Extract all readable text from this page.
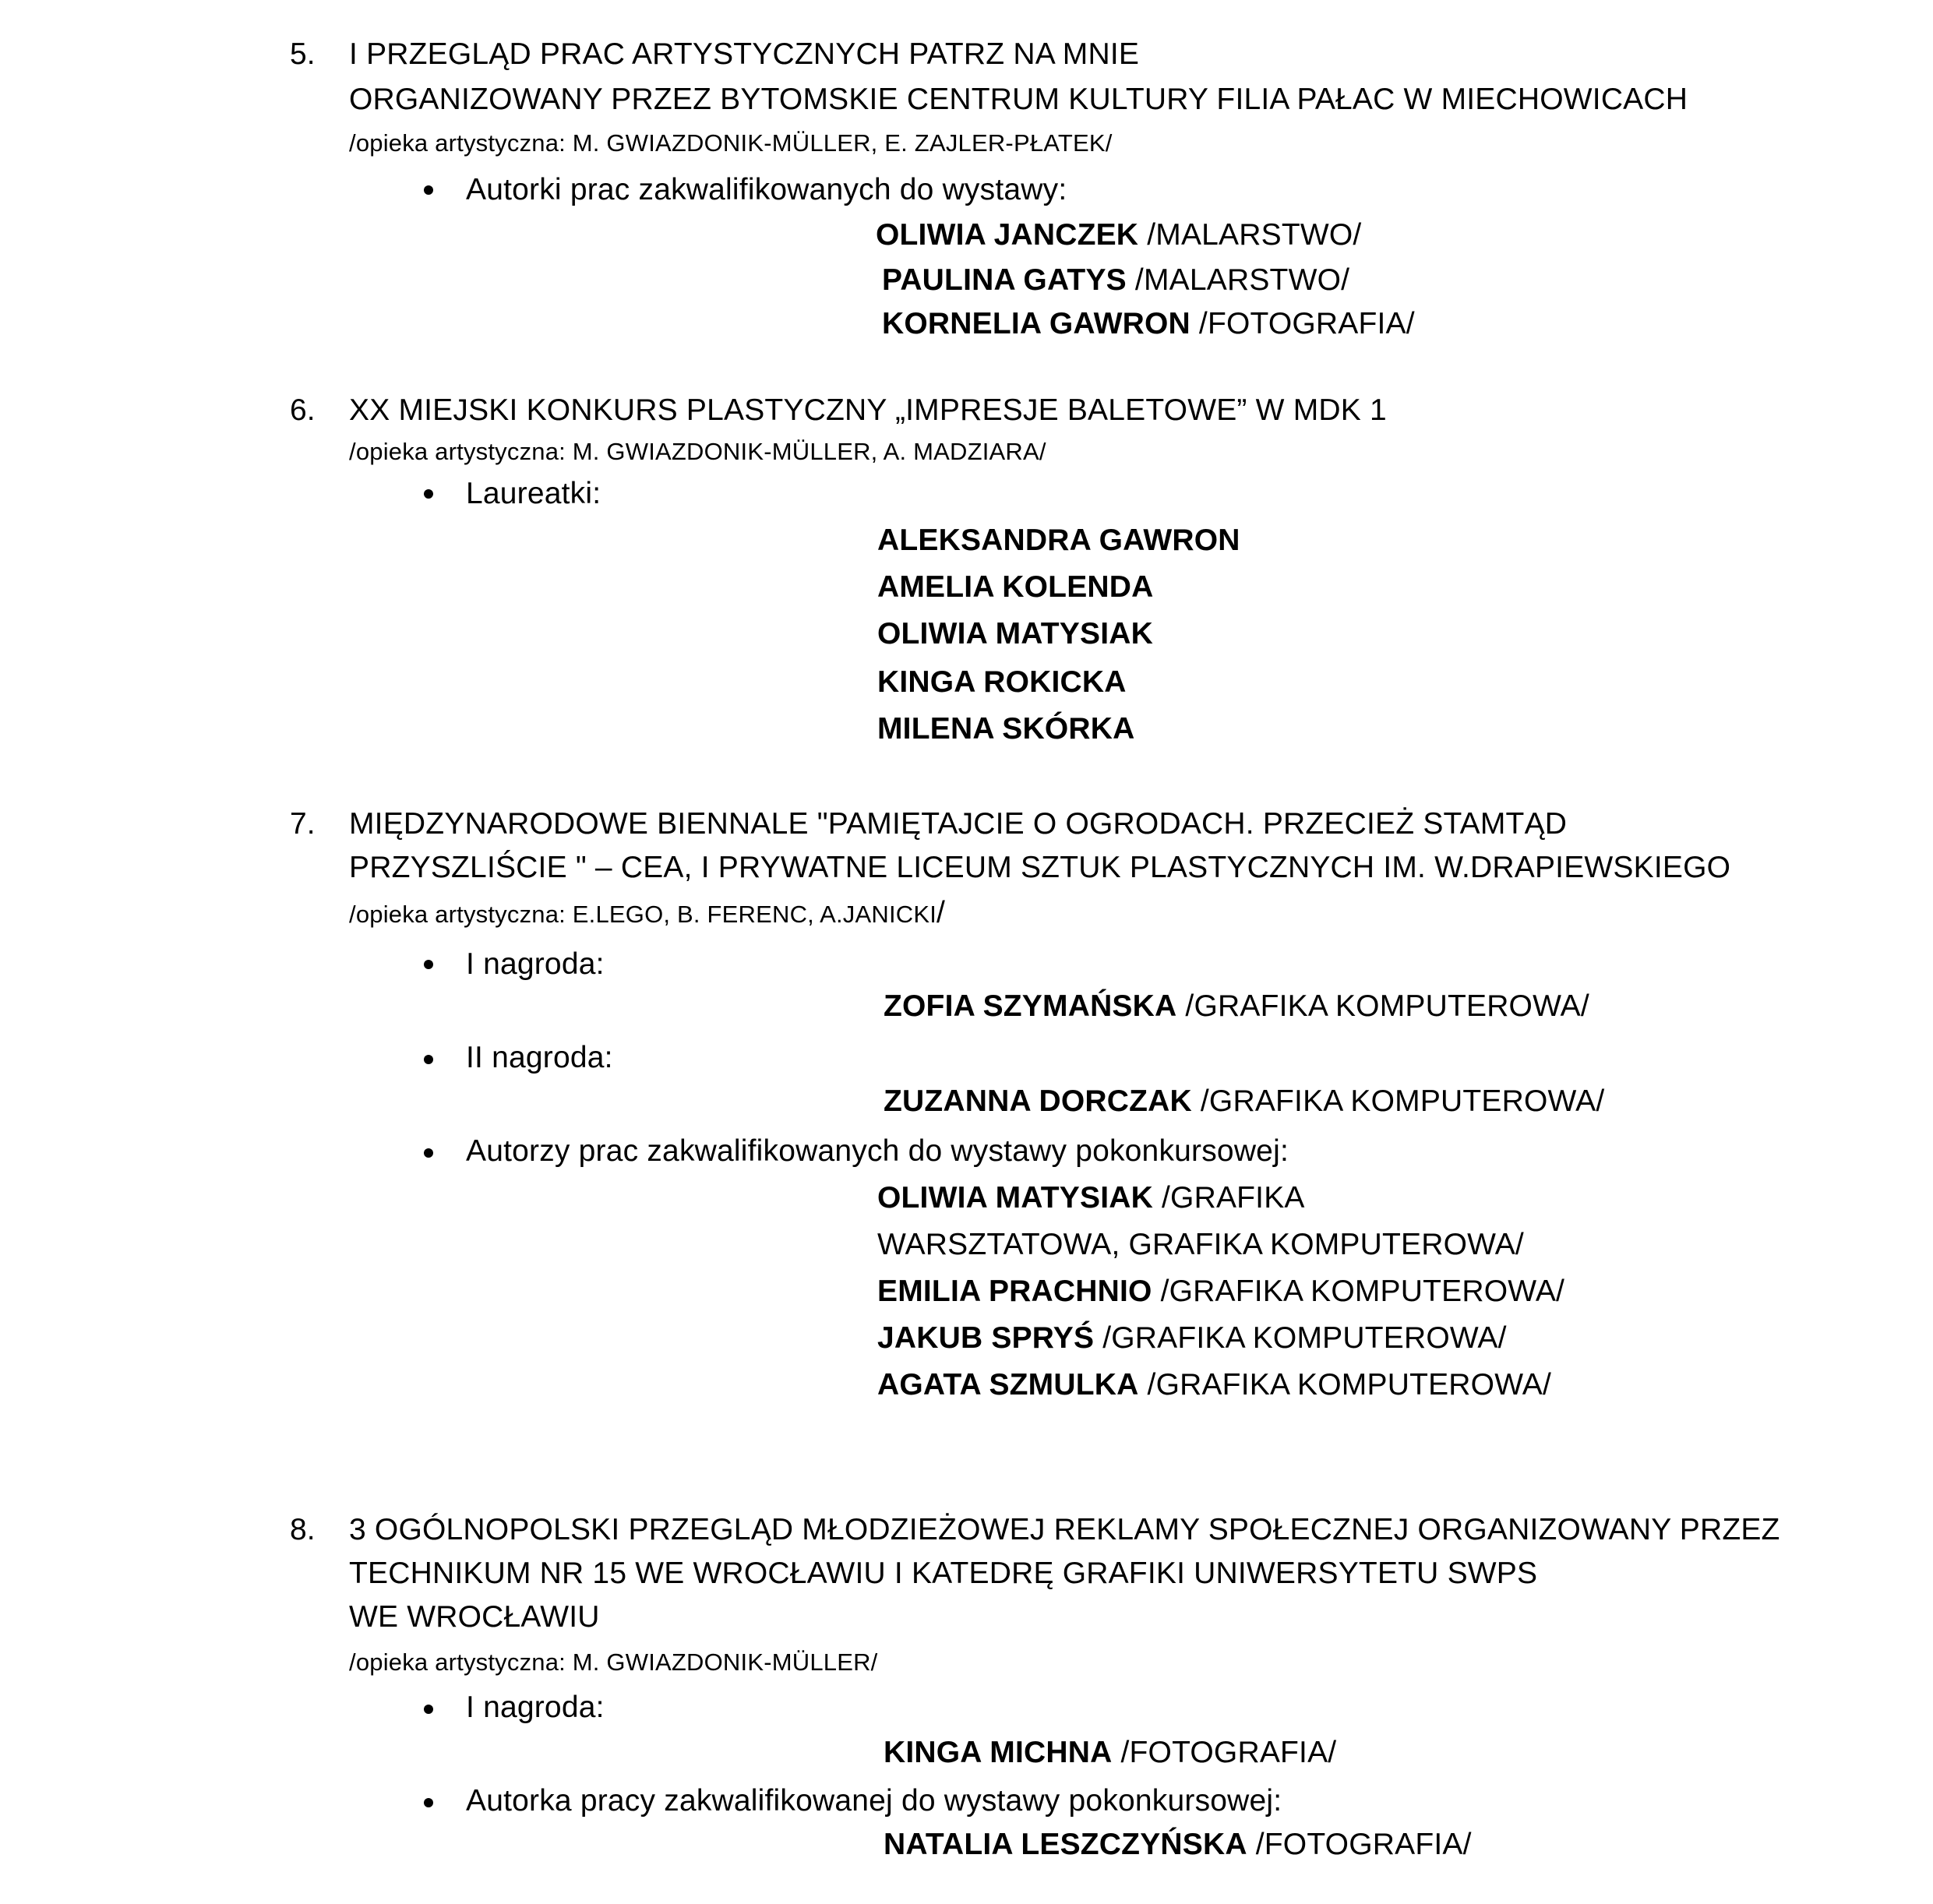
5. I PRZEGLĄD PRAC ARTYSTYCZNYCH PATRZ NA MNIE
ORGANIZOWANY PRZEZ BYTOMSKIE CENTRUM KULTURY FILIA PAŁAC W MIECHOWICACH
/opieka artystyczna: M. GWIAZDONIK-MÜLLER, E. ZAJLER-PŁATEK/
Autorki prac zakwalifikowanych do wystawy:
OLIWIA JANCZEK /MALARSTWO/
PAULINA GATYS /MALARSTWO/
KORNELIA GAWRON /FOTOGRAFIA/
6. XX MIEJSKI KONKURS PLASTYCZNY „IMPRESJE BALETOWE” W MDK 1
/opieka artystyczna: M. GWIAZDONIK-MÜLLER, A. MADZIARA/
Laureatki:
ALEKSANDRA GAWRON
AMELIA KOLENDA
OLIWIA MATYSIAK
KINGA ROKICKA
MILENA SKÓRKA
7. MIĘDZYNARODOWE BIENNALE "PAMIĘTAJCIE O OGRODACH. PRZECIEŻ STAMTĄD
PRZYSZLIŚCIE " – CEA, I PRYWATNE LICEUM SZTUK PLASTYCZNYCH IM. W.DRAPIEWSKIEGO
/opieka artystyczna: E.LEGO, B. FERENC, A.JANICKI/
I nagroda:
ZOFIA SZYMAŃSKA /GRAFIKA KOMPUTEROWA/
II nagroda:
ZUZANNA DORCZAK /GRAFIKA KOMPUTEROWA/
Autorzy prac zakwalifikowanych do wystawy pokonkursowej:
OLIWIA MATYSIAK /GRAFIKA
WARSZTATOWA, GRAFIKA KOMPUTEROWA/
EMILIA PRACHNIO /GRAFIKA KOMPUTEROWA/
JAKUB SPRYŚ /GRAFIKA KOMPUTEROWA/
AGATA SZMULKA /GRAFIKA KOMPUTEROWA/
8. 3 OGÓLNOPOLSKI PRZEGLĄD MŁODZIEŻOWEJ REKLAMY SPOŁECZNEJ ORGANIZOWANY PRZEZ
TECHNIKUM NR 15 WE WROCŁAWIU I KATEDRĘ GRAFIKI UNIWERSYTETU SWPS
WE WROCŁAWIU
/opieka artystyczna: M. GWIAZDONIK-MÜLLER/
I nagroda:
KINGA MICHNA /FOTOGRAFIA/
Autorka pracy zakwalifikowanej do wystawy pokonkursowej:
NATALIA LESZCZYŃSKA /FOTOGRAFIA/
